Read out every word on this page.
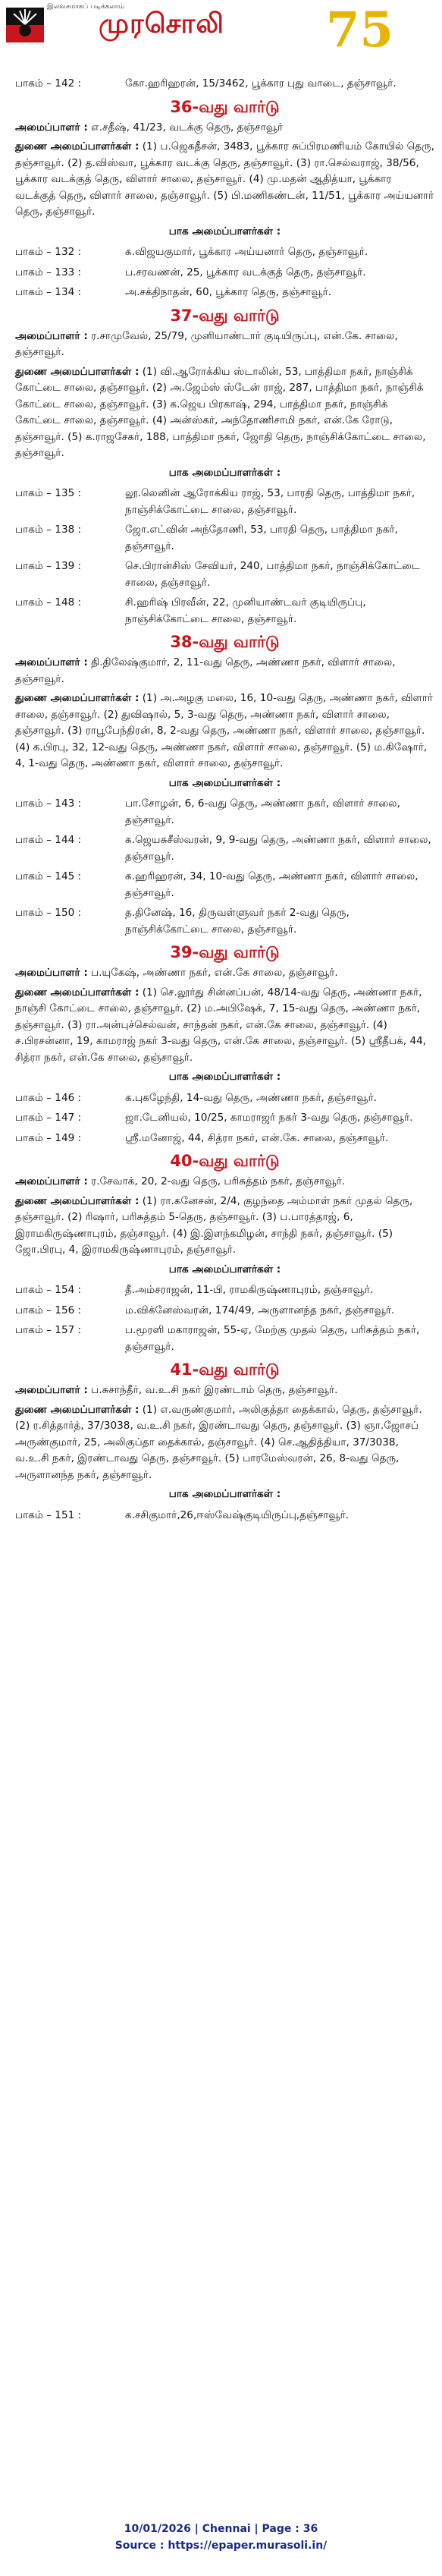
இலவசமாகப் படிக்கலாம்
முரசொலி 75
பாகம் – 142 :	கோ.ஹரிஹரன், 15/3462, பூக்கார புது வாடை, தஞ்சாவூர்.
36-வது வார்டு
அமைப்பாளர் : எ.சதீஷ், 41/23, வடக்கு தெரு, தஞ்சாவூர்
துணை அமைப்பாளர்கள் : (1) ப.ஜெகதீசன், 3483, பூக்கார சுப்பிரமணியம் கோயில் தெரு, தஞ்சாவூர். (2) த.விஸ்வா, பூக்கார வடக்கு தெரு, தஞ்சாவூர். (3) ரா.செல்வராஜ், 38/56, பூக்கார வடக்குத் தெரு, விளார் சாலை, தஞ்சாவூர். (4) மு.மதன் ஆதித்யா, பூக்கார வடக்குத் தெரு, விளார் சாலை, தஞ்சாவூர். (5) பி.மணிகண்டன், 11/51, பூக்கார அய்யனார் தெரு, தஞ்சாவூர்.
பாக அமைப்பாளர்கள் :
பாகம் – 132 :	க.விஜயகுமார், பூக்கார அய்யனார் தெரு, தஞ்சாவூர்.
பாகம் – 133 :	ப.சரவணன், 25, பூக்கார வடக்குத் தெரு, தஞ்சாவூர்.
பாகம் – 134 :	அ.சக்திநாதன், 60, பூக்கார தெரு, தஞ்சாவூர்.
37-வது வார்டு
அமைப்பாளர் : ர.சாமுவேல், 25/79, முனியாண்டார் குடியிருப்பு, என்.கே. சாலை, தஞ்சாவூர்.
துணை அமைப்பாளர்கள் : (1) வி.ஆரோக்கிய ஸ்டாலின், 53, பாத்திமா நகர், நாஞ்சிக் கோட்டை சாலை, தஞ்சாவூர். (2) அ.ஜேம்ஸ் ஸ்டேன் ராஜ், 287, பாத்திமா நகர், நாஞ்சிக் கோட்டை சாலை, தஞ்சாவூர். (3) க.ஜெய பிரகாஷ், 294, பாத்திமா நகர், நாஞ்சிக் கோட்டை சாலை, தஞ்சாவூர். (4) அன்ஸ்கர், அந்தோணிசாமி நகர், என்.கே ரோடு, தஞ்சாவூர். (5) க.ராஜசேகர், 188, பாத்திமா நகர், ஜோதி தெரு, நாஞ்சிக்கோட்டை சாலை, தஞ்சாவூர்.
பாக அமைப்பாளர்கள் :
பாகம் – 135 :	லூ.லெனின் ஆரோக்கிய ராஜ், 53, பாரதி தெரு, பாத்திமா நகர், நாஞ்சிக்கோட்டை சாலை, தஞ்சாவூர்.
பாகம் – 138 :	ஜோ.எட்வின் அந்தோணி, 53, பாரதி தெரு, பாத்திமா நகர், தஞ்சாவூர்.
பாகம் – 139 :	செ.பிரான்சிஸ் சேவியர், 240, பாத்திமா நகர், நாஞ்சிக்கோட்டை சாலை, தஞ்சாவூர்.
பாகம் – 148 :	சி.ஹரிஷ் பிரவீன், 22, முனியாண்டவர் குடியிருப்பு, நாஞ்சிக்கோட்டை சாலை, தஞ்சாவூர்.
38-வது வார்டு
அமைப்பாளர் : தி.திலேஷ்குமார், 2, 11-வது தெரு, அண்ணா நகர், விளார் சாலை, தஞ்சாவூர்.
துணை அமைப்பாளர்கள் : (1) அ.அழகு மலை, 16, 10-வது தெரு, அண்ணா நகர், விளார் சாலை, தஞ்சாவூர். (2) துவிஷால், 5, 3-வது தெரு, அண்ணா நகர், விளார் சாலை, தஞ்சாவூர். (3) ராபூபேந்திரன், 8, 2-வது தெரு, அண்ணா நகர், விளார் சாலை, தஞ்சாவூர். (4) க.பிரபு, 32, 12-வது தெரு, அண்ணா நகர், விளார் சாலை, தஞ்சாவூர். (5) ம.கிஷோர், 4, 1-வது தெரு, அண்ணா நகர், விளார் சாலை, தஞ்சாவூர்.
பாக அமைப்பாளர்கள் :
பாகம் – 143 :	பா.சோழன், 6, 6-வது தெரு, அண்ணா நகர், விளார் சாலை, தஞ்சாவூர்.
பாகம் – 144 :	க.ஜெயசுசீஸ்வரன், 9, 9-வது தெரு, அண்ணா நகர், விளார் சாலை, தஞ்சாவூர்.
பாகம் – 145 :	க.ஹரிஹரன், 34, 10-வது தெரு, அண்ணா நகர், விளார் சாலை, தஞ்சாவூர்.
பாகம் – 150 :	த.தினேஷ், 16, திருவள்ளுவர் நகர் 2-வது தெரு, நாஞ்சிக்கோட்டை சாலை, தஞ்சாவூர்.
39-வது வார்டு
அமைப்பாளர் : ப.யுகேஷ், அண்ணா நகர், என்.கே சாலை, தஞ்சாவூர்.
துணை அமைப்பாளர்கள் : (1) செ.லூர்து சின்னப்பன், 48/14-வது தெரு, அண்ணா நகர், நாஞ்சி கோட்டை சாலை, தஞ்சாவூர். (2) ம.அபிஷேக், 7, 15-வது தெரு, அண்ணா நகர், தஞ்சாவூர். (3) ரா.அன்புச்செல்வன், சாந்தன் நகர், என்.கே சாலை, தஞ்சாவூர். (4) ச.பிரசன்னா, 19, காமராஜ் நகர் 3-வது தெரு, என்.கே சாலை, தஞ்சாவூர். (5) ஸ்ரீதீபக், 44, சித்ரா நகர், என்.கே சாலை, தஞ்சாவூர்.
பாக அமைப்பாளர்கள் :
பாகம் – 146 :	க.புகழேந்தி, 14-வது தெரு, அண்ணா நகர், தஞ்சாவூர்.
பாகம் – 147 :	ஜா.டேனியல், 10/25, காமராஜர் நகர் 3-வது தெரு, தஞ்சாவூர்.
பாகம் – 149 :	ஸ்ரீ.மனோஜ், 44, சித்ரா நகர், என்.கே. சாலை, தஞ்சாவூர்.
40-வது வார்டு
அமைப்பாளர் : ர.சேவாக், 20, 2-வது தெரு, பரிசுத்தம் நகர், தஞ்சாவூர்.
துணை அமைப்பாளர்கள் : (1) ரா.கனேசன், 2/4, குழந்தை அம்மாள் நகர் முதல் தெரு, தஞ்சாவூர். (2) ரிஷார், பரிசுத்தம் 5-தெரு, தஞ்சாவூர். (3) ப.பாரத்தாஜ், 6, இராமகிருஷ்ணாபுரம், தஞ்சாவூர். (4) இ.இளந்கமிழன், சாந்தி நகர், தஞ்சாவூர். (5) ஜோ.பிரபு, 4, இராமகிருஷ்ணாபுரம், தஞ்சாவூர்.
பாக அமைப்பாளர்கள் :
பாகம் – 154 :	தீ.அம்சராஜன், 11-பி, ராமகிருஷ்ணாபுரம், தஞ்சாவூர்.
பாகம் – 156 :	ம.விக்னேஸ்வரன், 174/49, அருளானந்த நகர், தஞ்சாவூர்.
பாகம் – 157 :	ப.மூரளி மகாராஜன், 55-ஏ, மேற்கு முதல் தெரு, பரிசுத்தம் நகர், தஞ்சாவூர்.
41-வது வார்டு
அமைப்பாளர் : ப.சுசாந்தீர், வ.உ.சி நகர் இரண்டாம் தெரு, தஞ்சாவூர்.
துணை அமைப்பாளர்கள் : (1) எ.வருண்குமார், அலிகுத்தா தைக்கால், தெரு, தஞ்சாவூர். (2) ர.சித்தார்த், 37/3038, வ.உ.சி நகர், இரண்டாவது தெரு, தஞ்சாவூர். (3) ஞா.ஜோசப் அருண்குமார், 25, அலிகுப்தா தைக்கால், தஞ்சாவூர். (4) செ.ஆதித்தியா, 37/3038, வ.உ.சி நகர், இரண்டாவது தெரு, தஞ்சாவூர். (5) பாரமேஸ்வரன், 26, 8-வது தெரு, அருளானந்த நகர், தஞ்சாவூர்.
பாக அமைப்பாளர்கள் :
பாகம் – 151 :	க.சசிகுமார்,26,ஈஸ்வேஷ்குடியிருப்பு,தஞ்சாவூர்.
10/01/2026 | Chennai | Page : 36
Source : https://epaper.murasoli.in/
